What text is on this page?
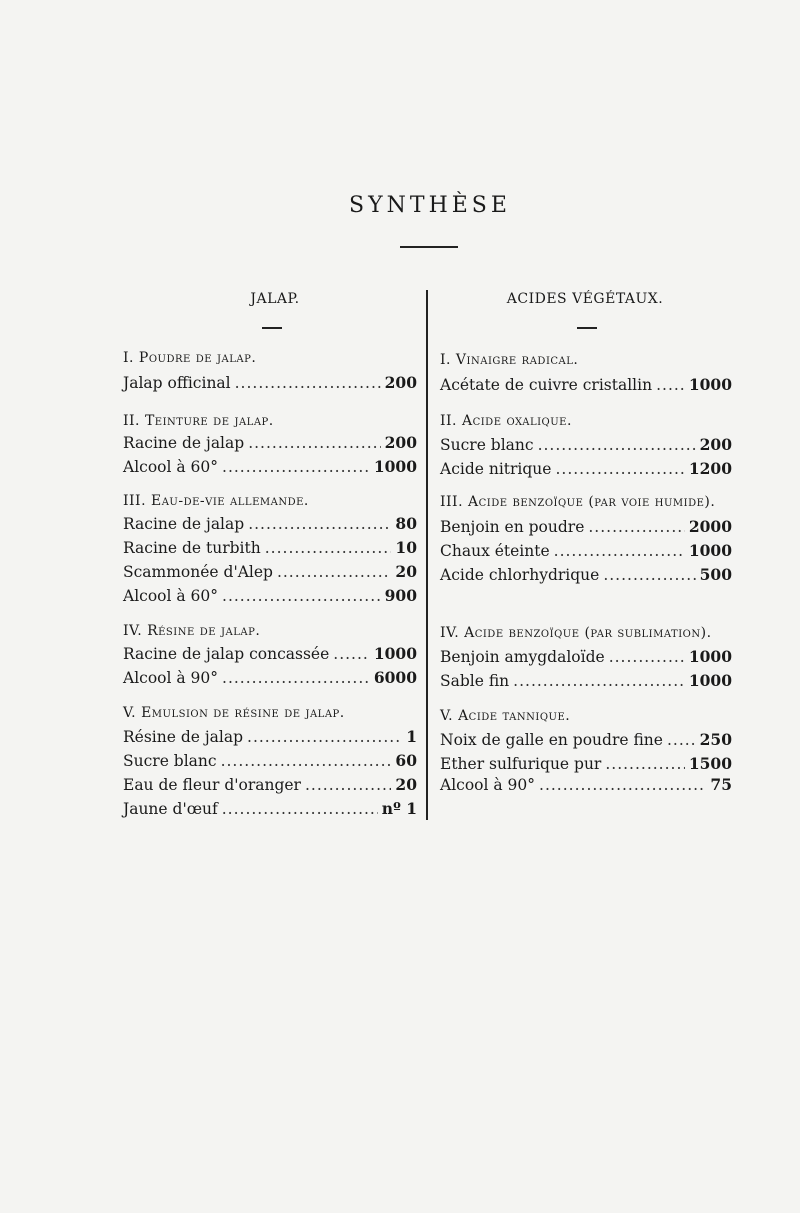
SYNTHÈSE
JALAP.	ACIDES VÉGÉTAUX.
I. Poudre de jalap.
Jalap officinal .....	200
II. Teinture de jalap.
Racine de jalap .....	200
Alcool à 60° .....	1000
III. Eau-de-vie allemande.
Racine de jalap .....	80
Racine de turbith .....	10
Scammonée d'Alep .....	20
Alcool à 60° .....	900
IV. Résine de jalap.
Racine de jalap concassée .....	1000
Alcool à 90° .....	6000
V. Emulsion de résine de jalap.
Résine de jalap .....	1
Sucre blanc .....	60
Eau de fleur d'oranger .....	20
Jaune d'œuf .....	nº 1
I. Vinaigre radical.
Acétate de cuivre cristallin ..... 1000
II. Acide oxalique.
Sucre blanc .....	200
Acide nitrique .....	1200
III. Acide benzoïque (par voie humide).
Benjoin en poudre .....	2000
Chaux éteinte .....	1000
Acide chlorhydrique .....	500
IV. Acide benzoïque (par sublimation).
Benjoin amygdaloïde .....	1000
Sable fin .....	1000
V. Acide tannique.
Noix de galle en poudre fine ..... 250
Ether sulfurique pur .....	1500
Alcool à 90° .....	75
